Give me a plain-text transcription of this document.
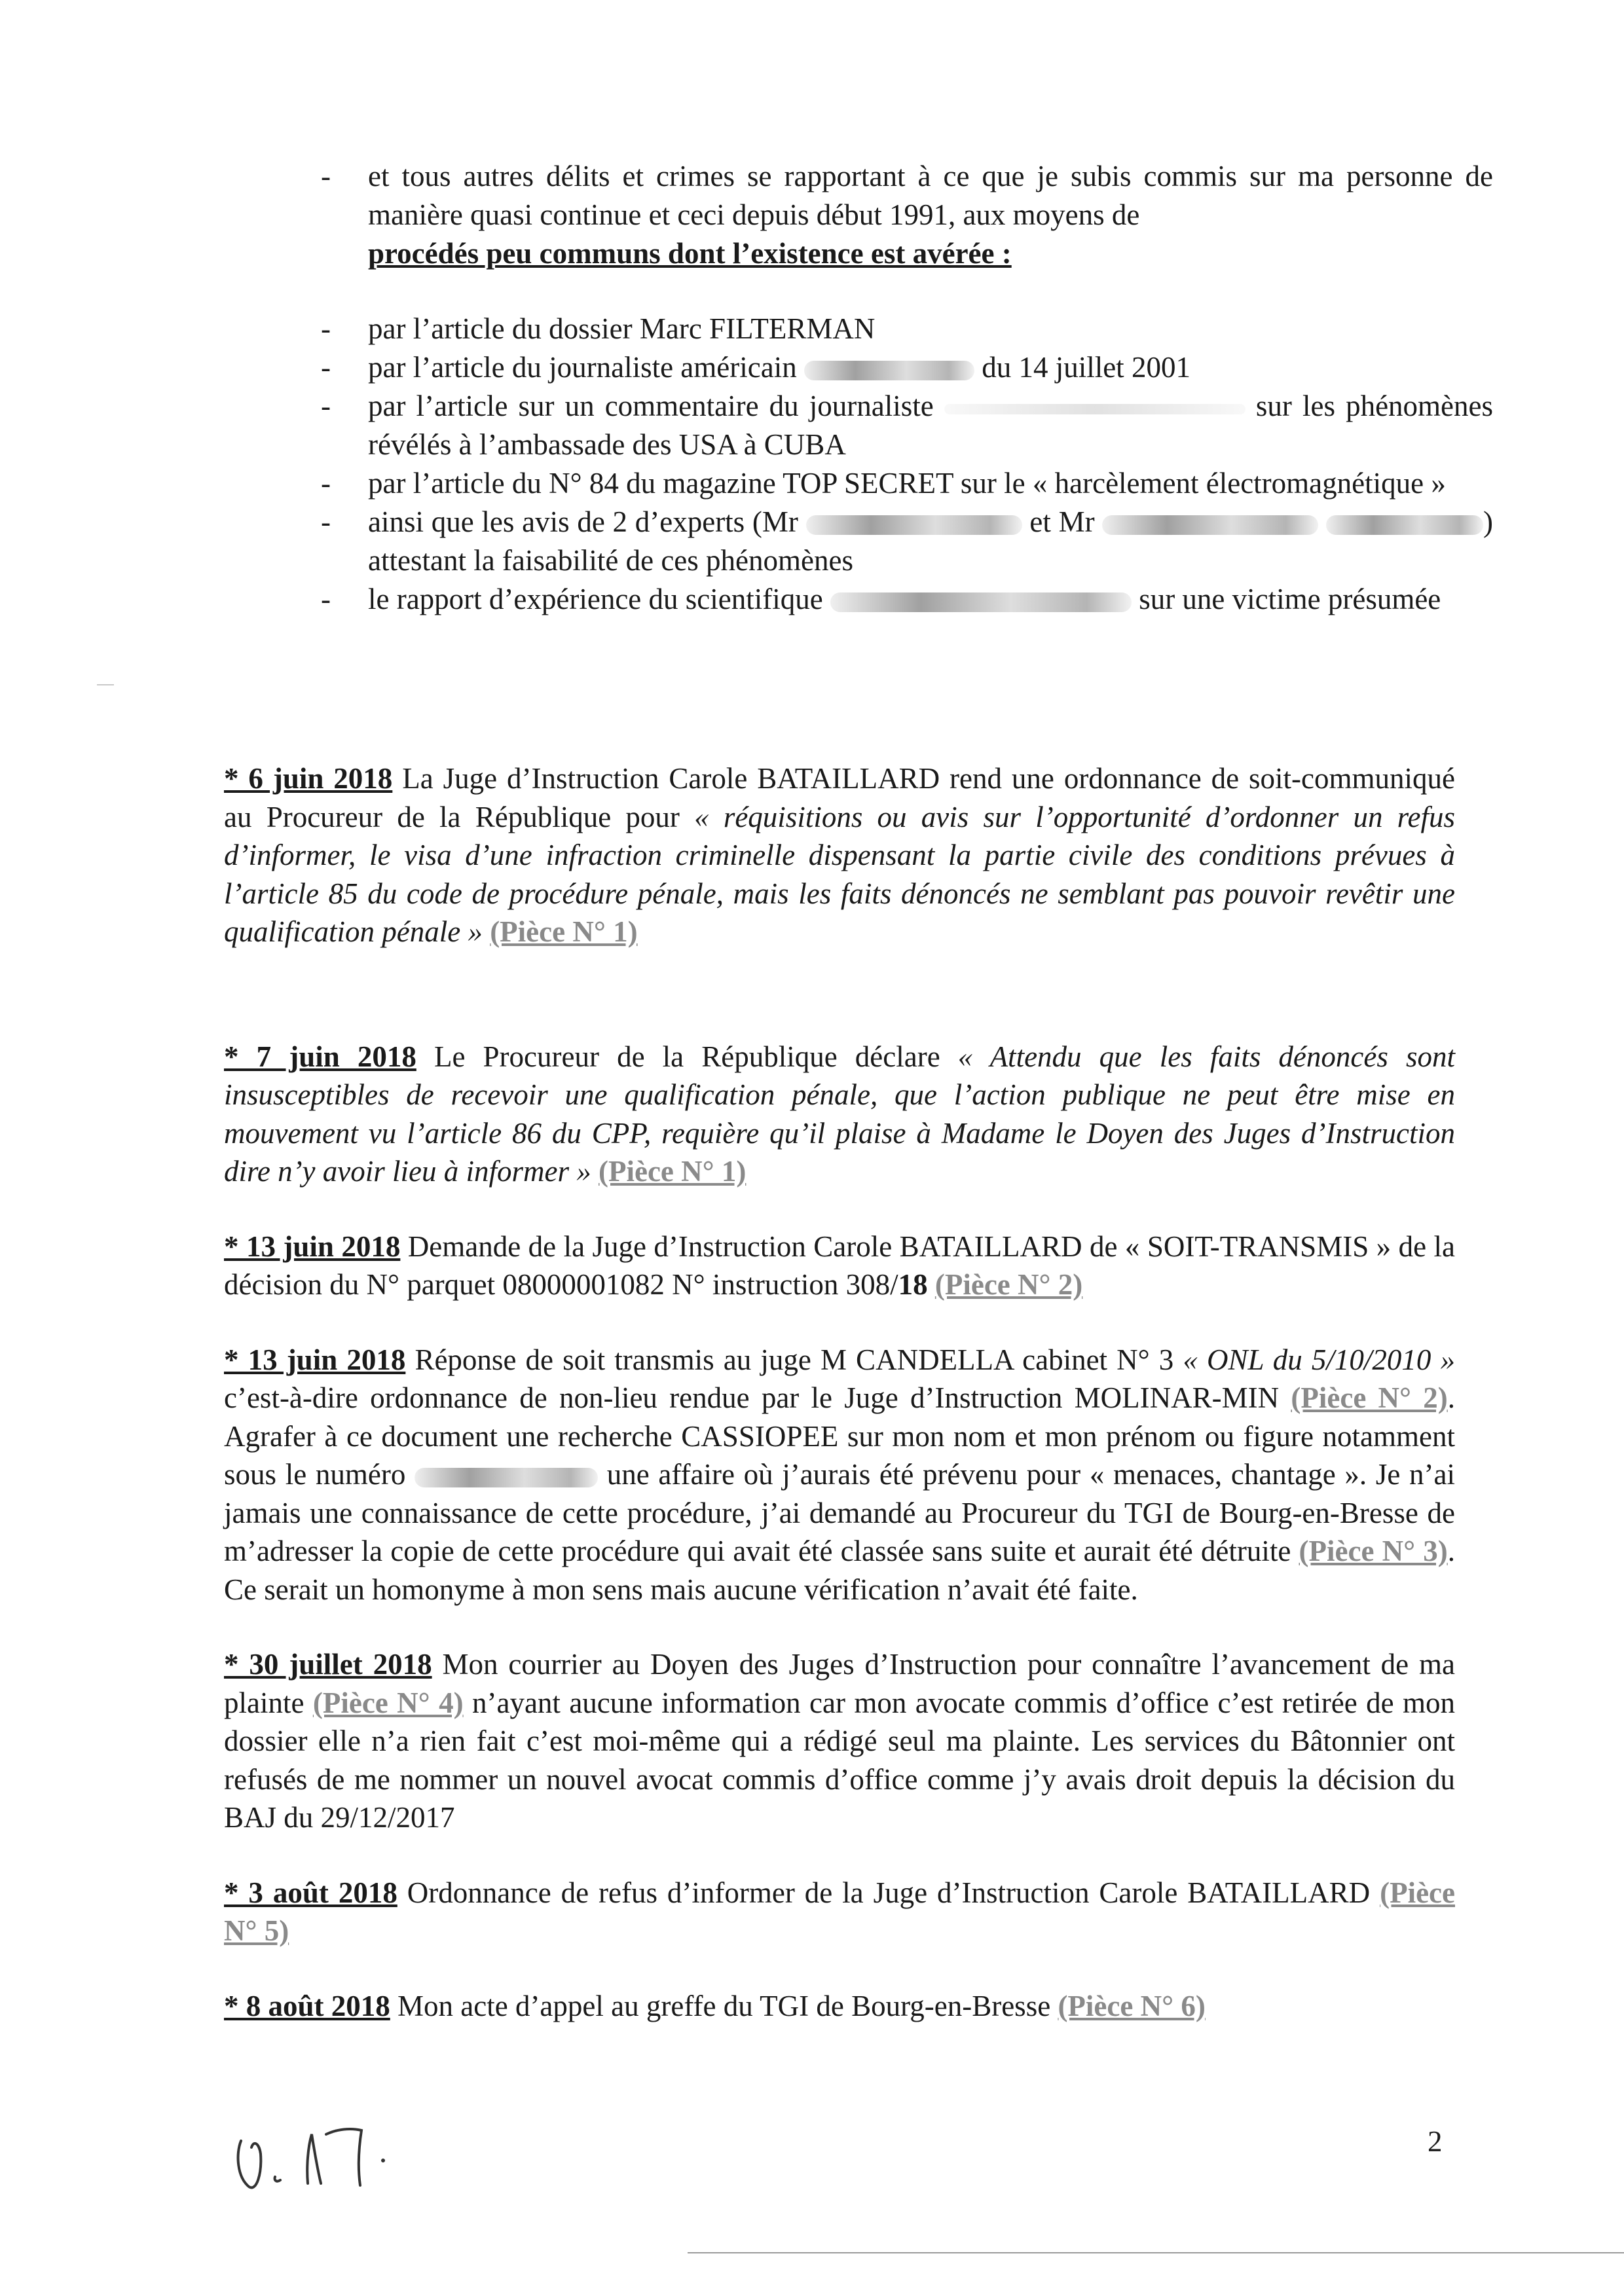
- et tous autres délits et crimes se rapportant à ce que je subis commis sur ma personne de manière quasi continue et ceci depuis début 1991, aux moyens de
procédés peu communs dont l’existence est avérée :
- par l’article du dossier Marc FILTERMAN
- par l’article du journaliste américain	du 14 juillet 2001
- par l’article sur un commentaire du journaliste	sur les phénomènes révélés à l’ambassade des USA à CUBA
- par l’article du N° 84 du magazine TOP SECRET sur le « harcèlement électromagnétique »
- ainsi que les avis de 2 d’experts (Mr	et Mr	) attestant la faisabilité de ces phénomènes
- le rapport d’expérience du scientifique	sur une victime présumée

* 6 juin 2018 La Juge d’Instruction Carole BATAILLARD rend une ordonnance de soit-communiqué au Procureur de la République pour « réquisitions ou avis sur l’opportunité d’ordonner un refus d’informer, le visa d’une infraction criminelle dispensant la partie civile des conditions prévues à l’article 85 du code de procédure pénale, mais les faits dénoncés ne semblant pas pouvoir revêtir une qualification pénale » (Pièce N° 1)

* 7 juin 2018 Le Procureur de la République déclare « Attendu que les faits dénoncés sont insusceptibles de recevoir une qualification pénale, que l’action publique ne peut être mise en mouvement vu l’article 86 du CPP, requière qu’il plaise à Madame le Doyen des Juges d’Instruction dire n’y avoir lieu à informer » (Pièce N° 1)

* 13 juin 2018 Demande de la Juge d’Instruction Carole BATAILLARD de « SOIT-TRANSMIS » de la décision du N° parquet 08000001082 N° instruction 308/18 (Pièce N° 2)

* 13 juin 2018 Réponse de soit transmis au juge M CANDELLA cabinet N° 3 « ONL du 5/10/2010 » c’est-à-dire ordonnance de non-lieu rendue par le Juge d’Instruction MOLINAR-MIN (Pièce N° 2). Agrafer à ce document une recherche CASSIOPEE sur mon nom et mon prénom ou figure notamment sous le numéro	une affaire où j’aurais été prévenu pour « menaces, chantage ». Je n’ai jamais une connaissance de cette procédure, j’ai demandé au Procureur du TGI de Bourg-en-Bresse de m’adresser la copie de cette procédure qui avait été classée sans suite et aurait été détruite (Pièce N° 3). Ce serait un homonyme à mon sens mais aucune vérification n’avait été faite.

* 30 juillet 2018 Mon courrier au Doyen des Juges d’Instruction pour connaître l’avancement de ma plainte (Pièce N° 4) n’ayant aucune information car mon avocate commis d’office c’est retirée de mon dossier elle n’a rien fait c’est moi-même qui a rédigé seul ma plainte. Les services du Bâtonnier ont refusés de me nommer un nouvel avocat commis d’office comme j’y avais droit depuis la décision du BAJ du 29/12/2017

* 3 août 2018 Ordonnance de refus d’informer de la Juge d’Instruction Carole BATAILLARD (Pièce N° 5)

* 8 août 2018 Mon acte d’appel au greffe du TGI de Bourg-en-Bresse (Pièce N° 6)

2
